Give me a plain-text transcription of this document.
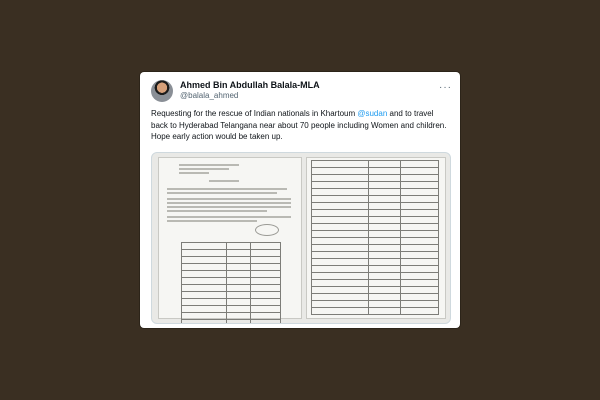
Ahmed Bin Abdullah Balala-MLA
@balala_ahmed
···
Requesting for the rescue of Indian nationals in Khartoum @sudan and to travel back to Hyderabad Telangana near about 70 people including Women and children. Hope early action would be taken up.
